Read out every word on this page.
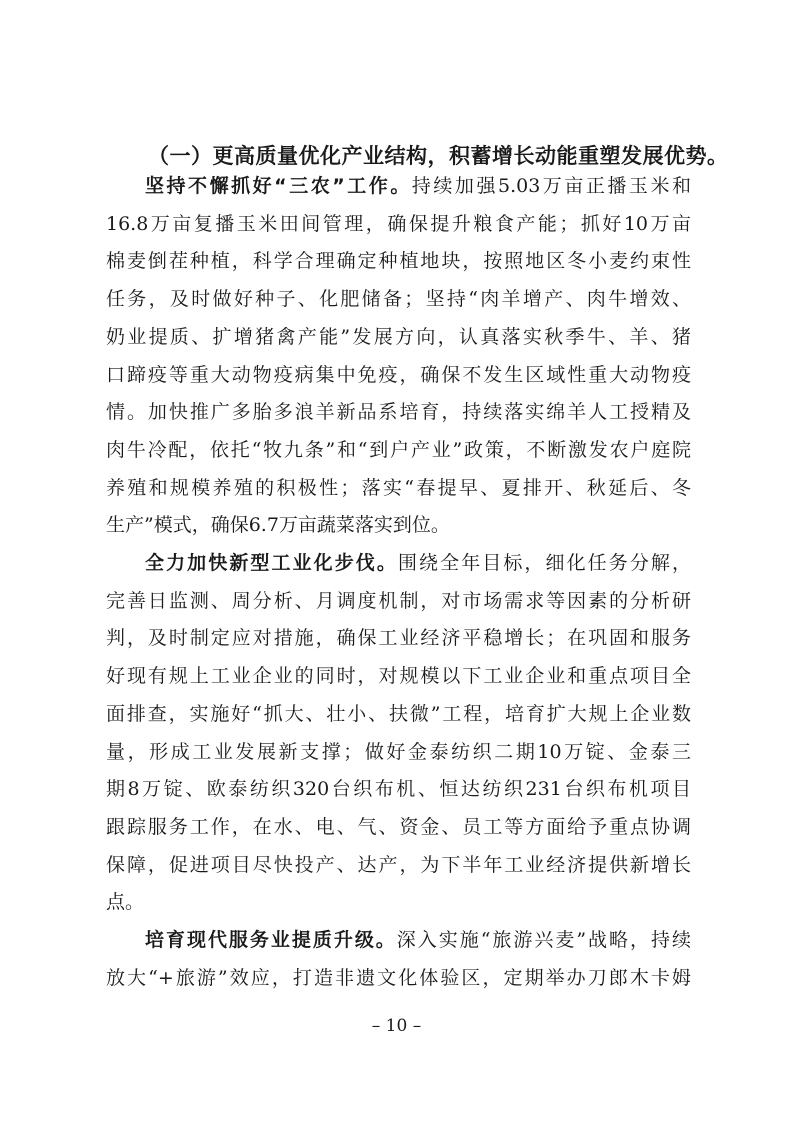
（一）更高质量优化产业结构，积蓄增长动能重塑发展优势。
– 10 –
坚持不懈抓好“三农”工作。持续加强5.03万亩正播玉米和
16.8万亩复播玉米田间管理，确保提升粮食产能；抓好10万亩
棉麦倒茬种植，科学合理确定种植地块，按照地区冬小麦约束性
任务，及时做好种子、化肥储备；坚持“肉羊增产、肉牛增效、
奶业提质、扩增猪禽产能”发展方向，认真落实秋季牛、羊、猪
口蹄疫等重大动物疫病集中免疫，确保不发生区域性重大动物疫
情。加快推广多胎多浪羊新品系培育，持续落实绵羊人工授精及
肉牛冷配，依托“牧九条”和“到户产业”政策，不断激发农户庭院
养殖和规模养殖的积极性；落实“春提早、夏排开、秋延后、冬
生产”模式，确保6.7万亩蔬菜落实到位。
全力加快新型工业化步伐。围绕全年目标，细化任务分解，
完善日监测、周分析、月调度机制，对市场需求等因素的分析研
判，及时制定应对措施，确保工业经济平稳增长；在巩固和服务
好现有规上工业企业的同时，对规模以下工业企业和重点项目全
面排查，实施好“抓大、壮小、扶微”工程，培育扩大规上企业数
量，形成工业发展新支撑；做好金泰纺织二期10万锭、金泰三
期8万锭、欧泰纺织320台织布机、恒达纺织231台织布机项目
跟踪服务工作，在水、电、气、资金、员工等方面给予重点协调
保障，促进项目尽快投产、达产，为下半年工业经济提供新增长
点。
培育现代服务业提质升级。深入实施“旅游兴麦”战略，持续
放大“+旅游”效应，打造非遗文化体验区，定期举办刀郎木卡姆
